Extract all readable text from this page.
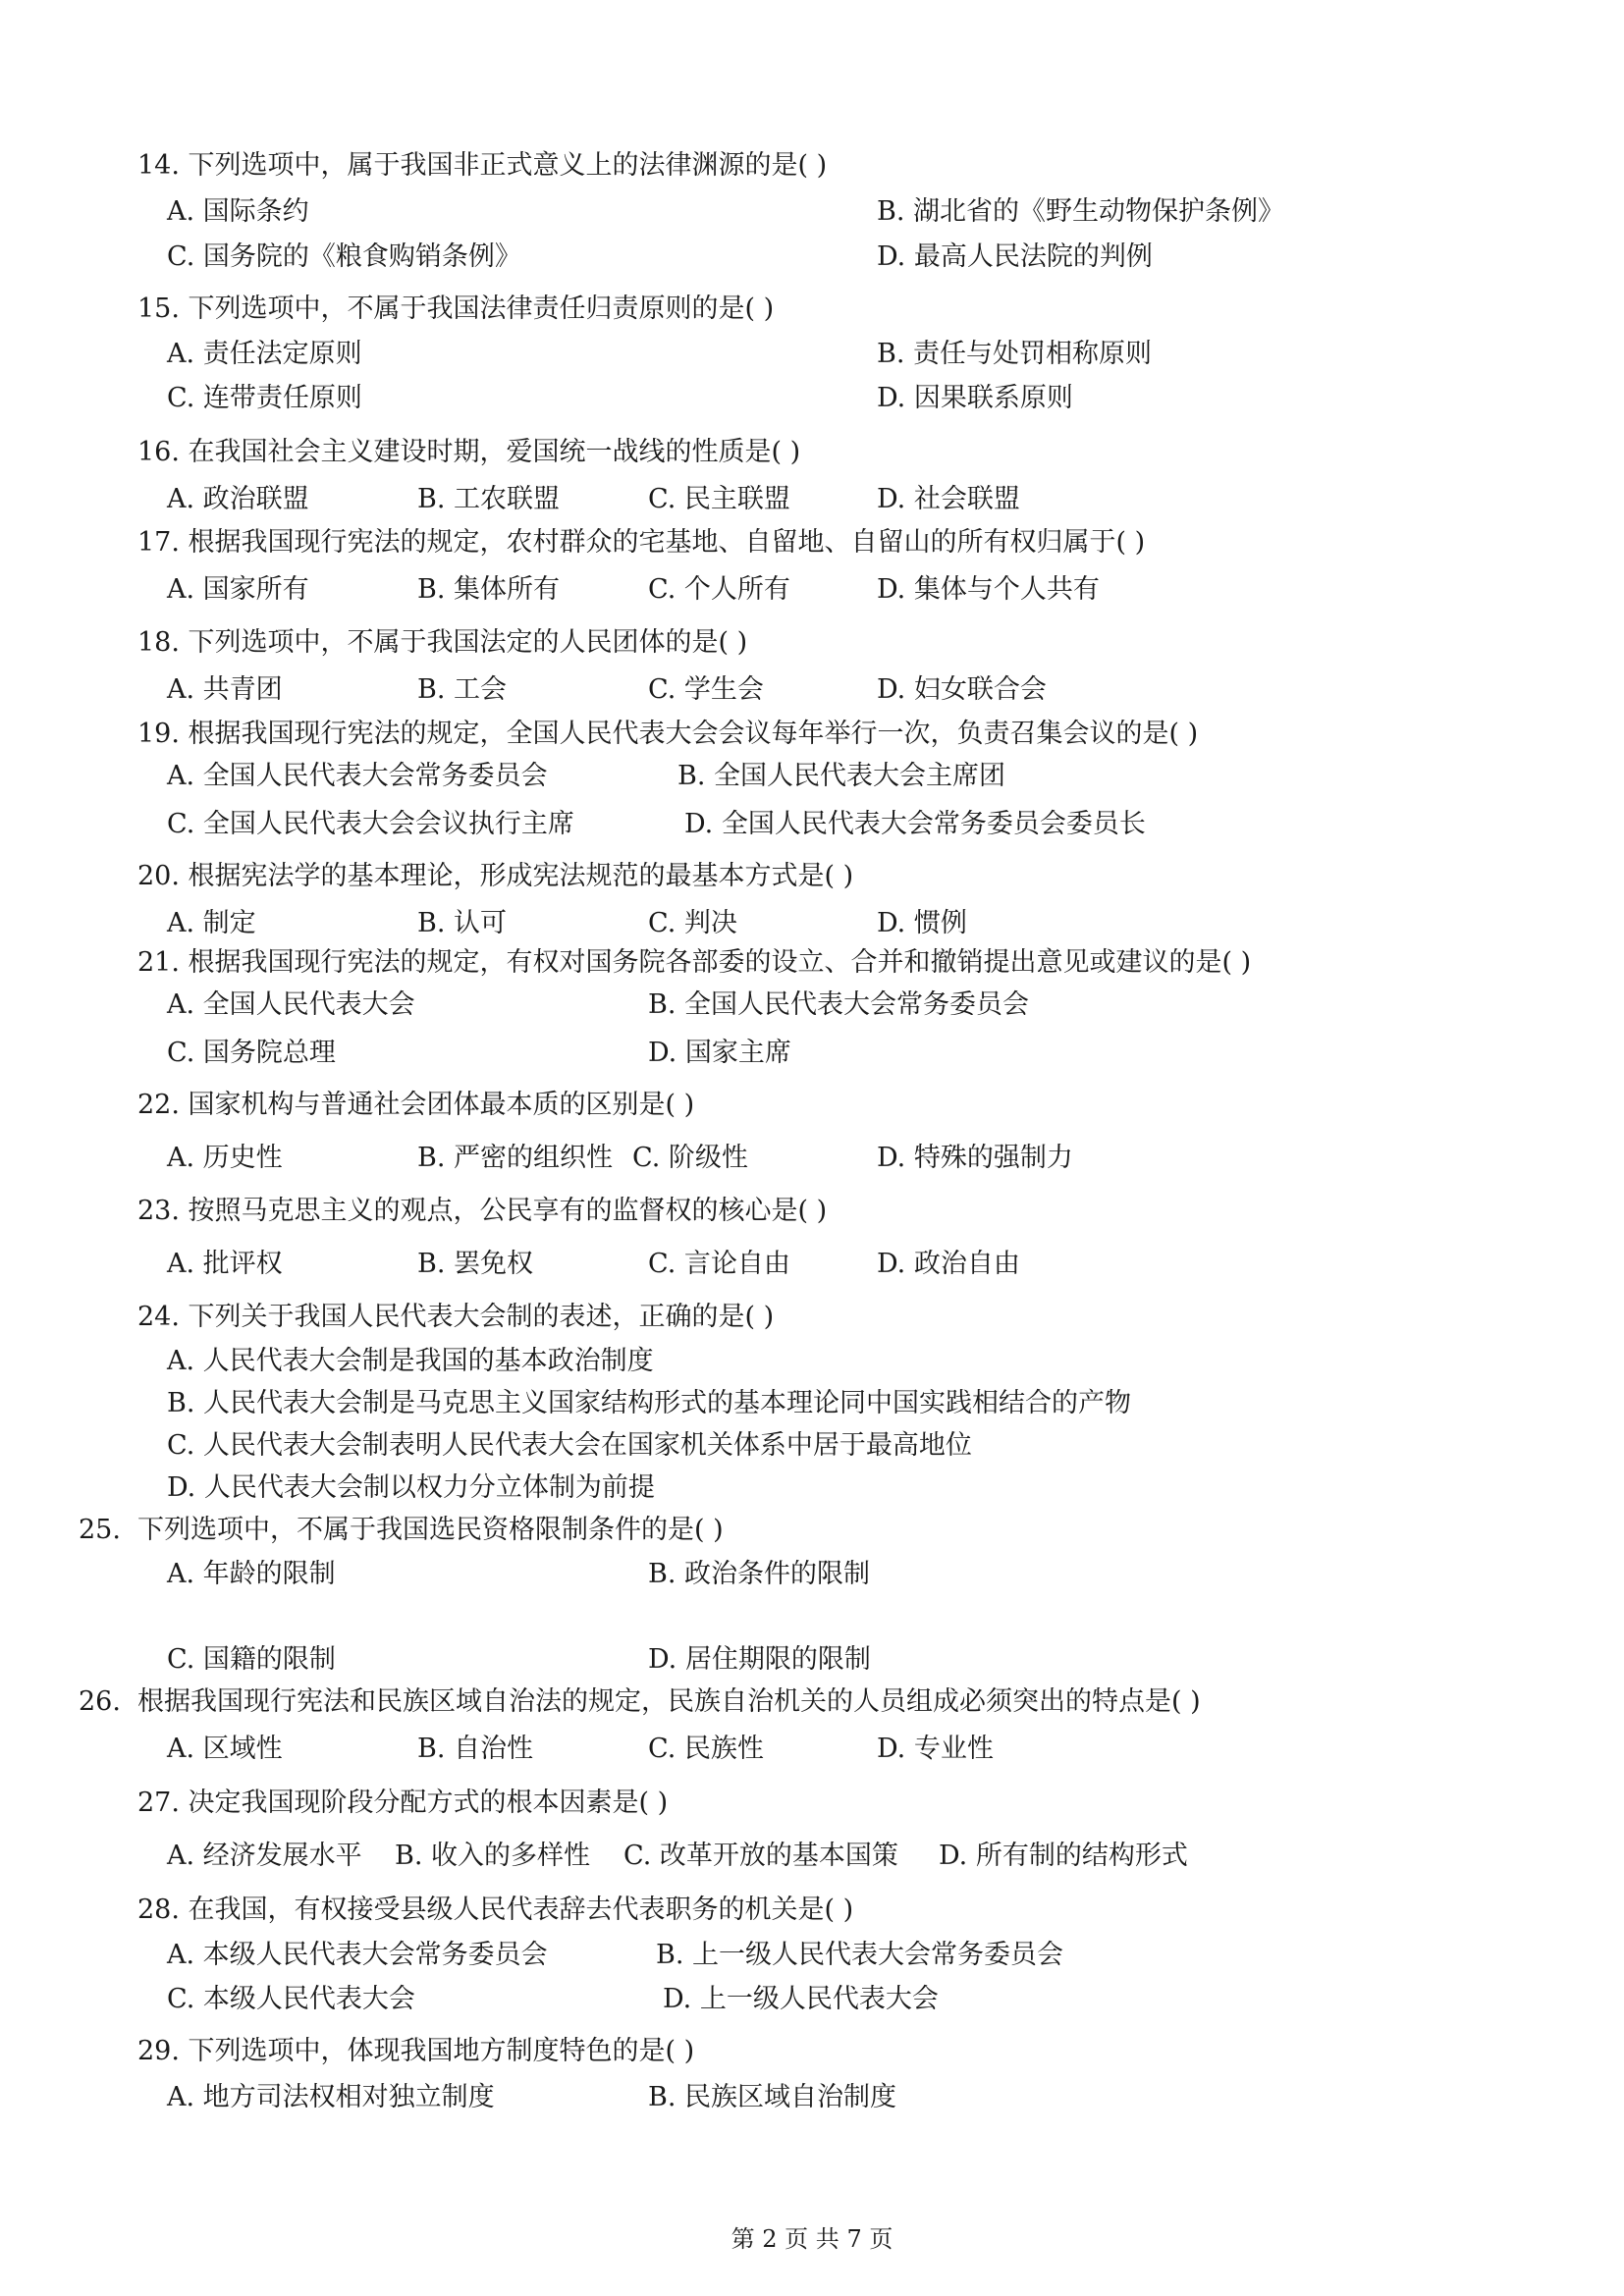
14. 下列选项中，属于我国非正式意义上的法律渊源的是( )
A. 国际条约	B. 湖北省的《野生动物保护条例》
C. 国务院的《粮食购销条例》	D. 最高人民法院的判例
15. 下列选项中，不属于我国法律责任归责原则的是( )
A. 责任法定原则	B. 责任与处罚相称原则
C. 连带责任原则	D. 因果联系原则
16. 在我国社会主义建设时期，爱国统一战线的性质是( )
A. 政治联盟	B. 工农联盟	C. 民主联盟	D. 社会联盟
17. 根据我国现行宪法的规定，农村群众的宅基地、自留地、自留山的所有权归属于( )
A. 国家所有	B. 集体所有	C. 个人所有	D. 集体与个人共有
18. 下列选项中，不属于我国法定的人民团体的是( )
A. 共青团	B. 工会	C. 学生会	D. 妇女联合会
19. 根据我国现行宪法的规定，全国人民代表大会会议每年举行一次，负责召集会议的是( )
A. 全国人民代表大会常务委员会	B. 全国人民代表大会主席团
C. 全国人民代表大会会议执行主席	D. 全国人民代表大会常务委员会委员长
20. 根据宪法学的基本理论，形成宪法规范的最基本方式是( )
A. 制定	B. 认可	C. 判决	D. 惯例
21. 根据我国现行宪法的规定，有权对国务院各部委的设立、合并和撤销提出意见或建议的是( )
A. 全国人民代表大会	B. 全国人民代表大会常务委员会
C. 国务院总理	D. 国家主席
22. 国家机构与普通社会团体最本质的区别是( )
A. 历史性	B. 严密的组织性 C. 阶级性	D. 特殊的强制力
23. 按照马克思主义的观点，公民享有的监督权的核心是( )
A. 批评权	B. 罢免权	C. 言论自由	D. 政治自由
24. 下列关于我国人民代表大会制的表述，正确的是( )
A. 人民代表大会制是我国的基本政治制度
B. 人民代表大会制是马克思主义国家结构形式的基本理论同中国实践相结合的产物
C. 人民代表大会制表明人民代表大会在国家机关体系中居于最高地位
D. 人民代表大会制以权力分立体制为前提
25. 下列选项中，不属于我国选民资格限制条件的是( )
A. 年龄的限制	B. 政治条件的限制
C. 国籍的限制	D. 居住期限的限制
26. 根据我国现行宪法和民族区域自治法的规定，民族自治机关的人员组成必须突出的特点是( )
A. 区域性	B. 自治性	C. 民族性	D. 专业性
27. 决定我国现阶段分配方式的根本因素是( )
A. 经济发展水平 B. 收入的多样性 C. 改革开放的基本国策 D. 所有制的结构形式
28. 在我国，有权接受县级人民代表辞去代表职务的机关是( )
A. 本级人民代表大会常务委员会	B. 上一级人民代表大会常务委员会
C. 本级人民代表大会	D. 上一级人民代表大会
29. 下列选项中，体现我国地方制度特色的是( )
A. 地方司法权相对独立制度	B. 民族区域自治制度
第 2 页 共 7 页
